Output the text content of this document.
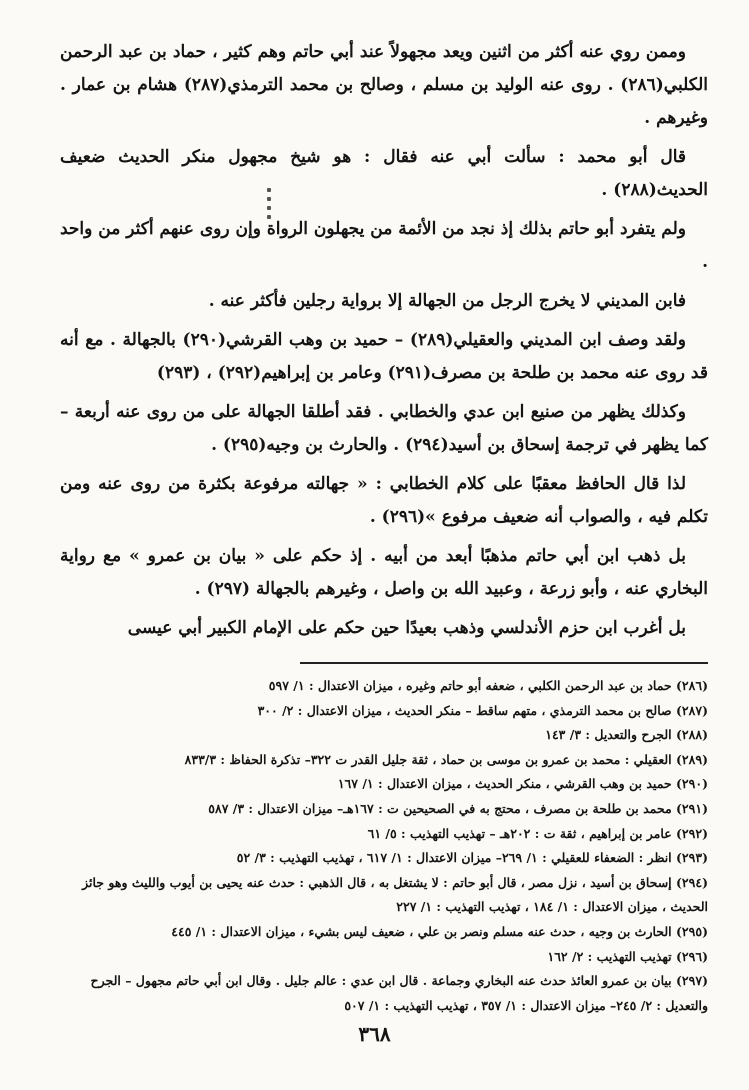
وممن روي عنه أكثر من اثنين ويعد مجهولاً عند أبي حاتم وهم كثير ، حماد بن عبد الرحمن الكلبي(٢٨٦) . روى عنه الوليد بن مسلم ، وصالح بن محمد الترمذي(٢٨٧) هشام بن عمار . وغيرهم .

قال أبو محمد : سألت أبي عنه فقال : هو شيخ مجهول منكر الحديث ضعيف الحديث(٢٨٨) .

ولم يتفرد أبو حاتم بذلك إذ نجد من الأئمة من يجهلون الرواة وإن روى عنهم أكثر من واحد .

فابن المديني لا يخرج الرجل من الجهالة إلا برواية رجلين فأكثر عنه .

ولقد وصف ابن المديني والعقيلي(٢٨٩) – حميد بن وهب القرشي(٢٩٠) بالجهالة . مع أنه قد روى عنه محمد بن طلحة بن مصرف(٢٩١) وعامر بن إبراهيم(٢٩٢) ، (٢٩٣)

وكذلك يظهر من صنيع ابن عدي والخطابي . فقد أطلقا الجهالة على من روى عنه أربعة – كما يظهر في ترجمة إسحاق بن أسيد(٢٩٤) . والحارث بن وجيه(٢٩٥) .

لذا قال الحافظ معقبًا على كلام الخطابي : « جهالته مرفوعة بكثرة من روى عنه ومن تكلم فيه ، والصواب أنه ضعيف مرفوع »(٢٩٦) .

بل ذهب ابن أبي حاتم مذهبًا أبعد من أبيه . إذ حكم على « بيان بن عمرو » مع رواية البخاري عنه ، وأبو زرعة ، وعبيد الله بن واصل ، وغيرهم بالجهالة (٢٩٧) .

بل أغرب ابن حزم الأندلسي وذهب بعيدًا حين حكم على الإمام الكبير أبي عيسى

(٢٨٦) حماد بن عبد الرحمن الكلبي ، ضعفه أبو حاتم وغيره ، ميزان الاعتدال : ١/ ٥٩٧

(٢٨٧) صالح بن محمد الترمذي ، متهم ساقط – منكر الحديث ، ميزان الاعتدال : ٢/ ٣٠٠

(٢٨٨) الجرح والتعديل : ٣/ ١٤٣

(٢٨٩) العقيلي : محمد بن عمرو بن موسى بن حماد ، ثقة جليل القدر ت ٣٢٢– تذكرة الحفاظ : ٨٣٣/٣

(٢٩٠) حميد بن وهب القرشي ، منكر الحديث ، ميزان الاعتدال : ١/ ١٦٧

(٢٩١) محمد بن طلحة بن مصرف ، محتج به في الصحيحين ت : ١٦٧هـ– ميزان الاعتدال : ٣/ ٥٨٧

(٢٩٢) عامر بن إبراهيم ، ثقة ت : ٢٠٢هـ – تهذيب التهذيب : ٥/ ٦١

(٢٩٣) انظر : الضعفاء للعقيلي : ١/ ٢٦٩– ميزان الاعتدال : ١/ ٦١٧ ، تهذيب التهذيب : ٣/ ٥٢

(٢٩٤) إسحاق بن أسيد ، نزل مصر ، قال أبو حاتم : لا يشتغل به ، قال الذهبي : حدث عنه يحيى بن أيوب والليث وهو جائز الحديث ، ميزان الاعتدال : ١/ ١٨٤ ، تهذيب التهذيب : ١/ ٢٢٧

(٢٩٥) الحارث بن وجيه ، حدث عنه مسلم ونصر بن علي ، ضعيف ليس بشيء ، ميزان الاعتدال : ١/ ٤٤٥

(٢٩٦) تهذيب التهذيب : ٢/ ١٦٢

(٢٩٧) بيان بن عمرو العائذ حدث عنه البخاري وجماعة . قال ابن عدي : عالم جليل . وقال ابن أبي حاتم مجهول – الجرح والتعديل : ٢/ ٢٤٥– ميزان الاعتدال : ١/ ٣٥٧ ، تهذيب التهذيب : ١/ ٥٠٧

٣٦٨
